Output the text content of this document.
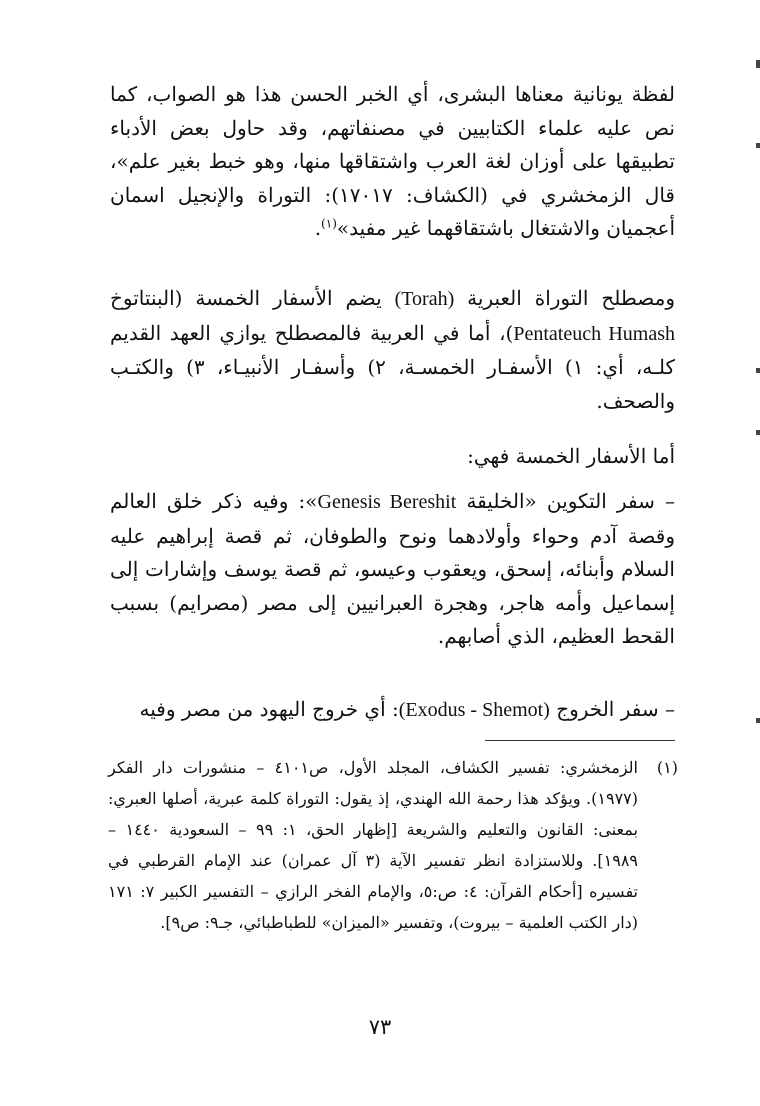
لفظة يونانية معناها البشرى، أي الخبر الحسن هذا هو الصواب، كما نص عليه علماء الكتابيين في مصنفاتهم، وقد حاول بعض الأدباء تطبيقها على أوزان لغة العرب واشتقاقها منها، وهو خبط بغير علم»، قال الزمخشري في (الكشاف: ١٧٠١٧): التوراة والإنجيل اسمان أعجميان والاشتغال باشتقاقهما غير مفيد»$^{(١)}$.

ومصطلح التوراة العبرية (Torah) يضم الأسفار الخمسة (البنتاتوخ Pentateuch Humash)، أما في العربية فالمصطلح يوازي العهد القديم كلـه، أي: ١) الأسفـار الخمسـة، ٢) وأسفـار الأنبيـاء، ٣) والكتـب والصحف.

أما الأسفار الخمسة فهي:

– سفر التكوين «الخليقة Genesis Bereshit»: وفيه ذكر خلق العالم وقصة آدم وحواء وأولادهما ونوح والطوفان، ثم قصة إبراهيم عليه السلام وأبنائه، إسحق، ويعقوب وعيسو، ثم قصة يوسف وإشارات إلى إسماعيل وأمه هاجر، وهجرة العبرانيين إلى مصر (مصرايم) بسبب القحط العظيم، الذي أصابهم.

– سفر الخروج (Exodus - Shemot): أي خروج اليهود من مصر وفيه

(١)

الزمخشري: تفسير الكشاف، المجلد الأول، ص٤١٠١ – منشورات دار الفكر (١٩٧٧). ويؤكد هذا رحمة الله الهندي، إذ يقول: التوراة كلمة عبرية، أصلها العبري: بمعنى: القانون والتعليم والشريعة [إظهار الحق، ١: ٩٩ – السعودية ١٤٤٠ – ١٩٨٩]. وللاستزادة انظر تفسير الآية (٣ آل عمران) عند الإمام القرطبي في تفسيره [أحكام القرآن: ٤: ص:٥، والإمام الفخر الرازي – التفسير الكبير ٧: ١٧١ (دار الكتب العلمية – بيروت)، وتفسير «الميزان» للطباطبائي، جـ٩: ص٩].

٧٣
